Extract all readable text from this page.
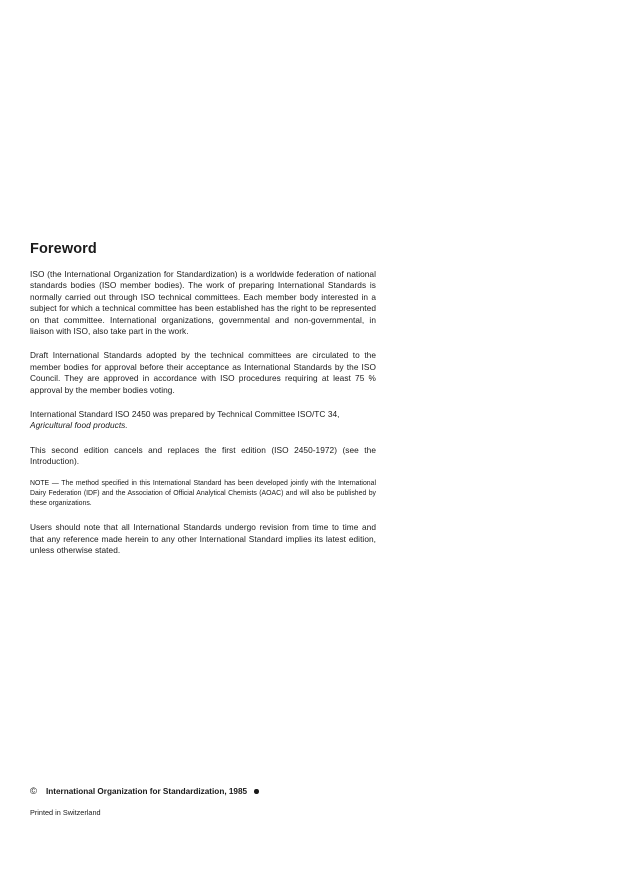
Foreword

ISO (the International Organization for Standardization) is a worldwide federation of national standards bodies (ISO member bodies). The work of preparing International Standards is normally carried out through ISO technical committees. Each member body interested in a subject for which a technical committee has been established has the right to be represented on that committee. International organizations, governmental and non-governmental, in liaison with ISO, also take part in the work.

Draft International Standards adopted by the technical committees are circulated to the member bodies for approval before their acceptance as International Standards by the ISO Council. They are approved in accordance with ISO procedures requiring at least 75 % approval by the member bodies voting.

International Standard ISO 2450 was prepared by Technical Committee ISO/TC 34,
Agricultural food products.

This second edition cancels and replaces the first edition (ISO 2450-1972) (see the Introduction).

NOTE — The method specified in this International Standard has been developed jointly with the International Dairy Federation (IDF) and the Association of Official Analytical Chemists (AOAC) and will also be published by these organizations.

Users should note that all International Standards undergo revision from time to time and that any reference made herein to any other International Standard implies its latest edition, unless otherwise stated.

© International Organization for Standardization, 1985
Printed in Switzerland
